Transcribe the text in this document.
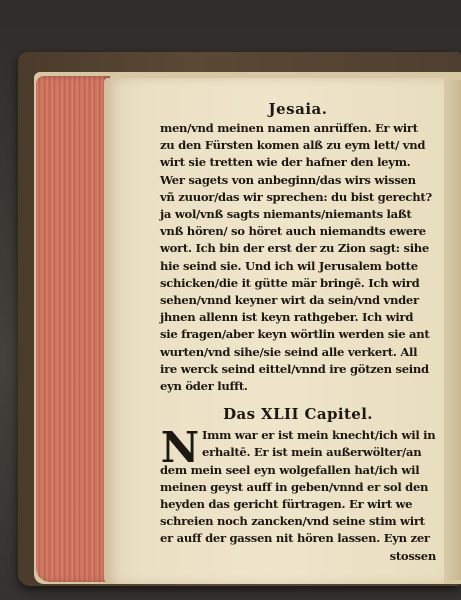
Jesaia.
men/vnd meinen namen anrüffen. Er wirt
zu den Fürsten komen alß zu eym lett/ vnd
wirt sie tretten wie der hafner den leym.
Wer sagets von anbeginn/das wirs wissen
vñ zuuor/das wir sprechen: du bist gerecht?
ja wol/vnß sagts niemants/niemants laßt
vnß hören/ so höret auch niemandts ewere
wort. Ich bin der erst der zu Zion sagt: sihe
hie seind sie. Und ich wil Jerusalem botte
schicken/die it gütte mär bringē. Ich wird
sehen/vnnd keyner wirt da sein/vnd vnder
jhnen allenn ist keyn rathgeber. Ich wird
sie fragen/aber keyn wörtlin werden sie ant
wurten/vnd sihe/sie seind alle verkert. All
ire werck seind eittel/vnnd ire götzen seind
eyn öder lufft.
Das XLII Capitel.
N Imm war er ist mein knecht/ich wil in
erhaltē. Er ist mein außerwölter/an
dem mein seel eyn wolgefallen hat/ich wil
meinen geyst auff in geben/vnnd er sol den
heyden das gericht fürtragen. Er wirt we
schreien noch zancken/vnd seine stim wirt
er auff der gassen nit hören lassen. Eyn zer
stossen
